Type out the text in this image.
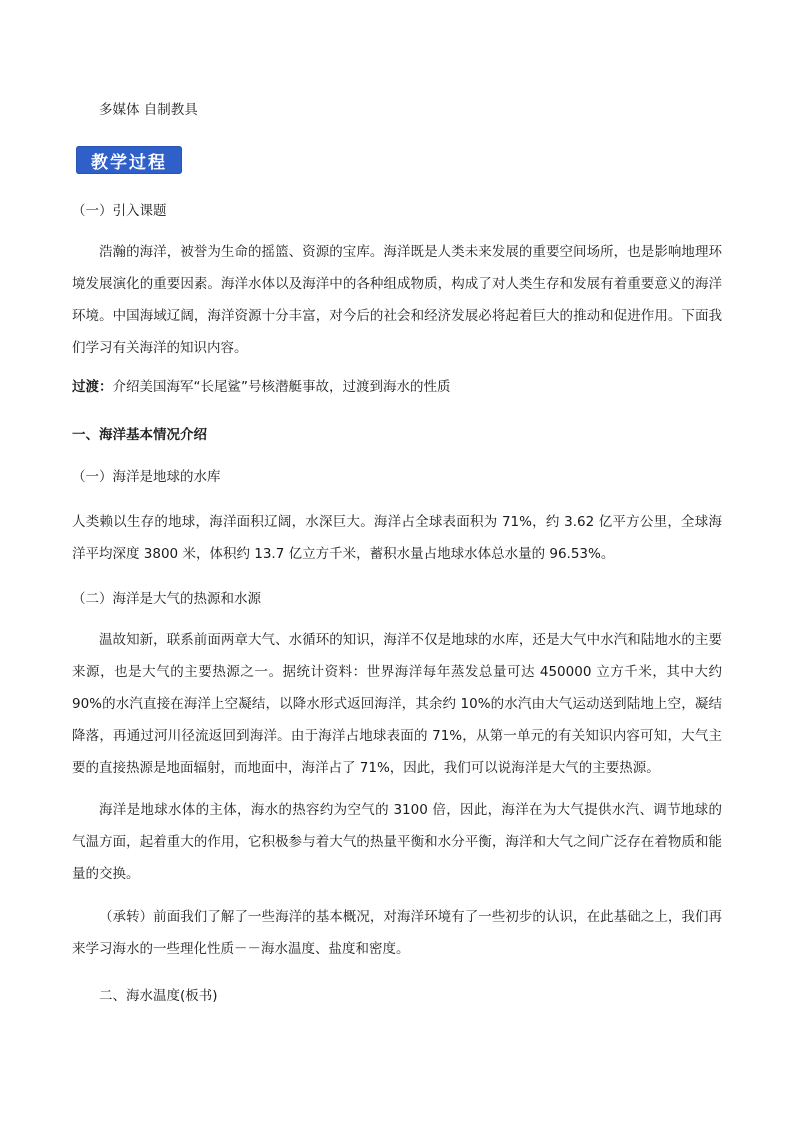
多媒体 自制教具

教学过程

（一）引入课题

浩瀚的海洋，被誉为生命的摇篮、资源的宝库。海洋既是人类未来发展的重要空间场所，也是影响地理环境发展演化的重要因素。海洋水体以及海洋中的各种组成物质，构成了对人类生存和发展有着重要意义的海洋环境。中国海域辽阔，海洋资源十分丰富，对今后的社会和经济发展必将起着巨大的推动和促进作用。下面我们学习有关海洋的知识内容。

过渡：介绍美国海军“长尾鲨”号核潜艇事故，过渡到海水的性质

一、海洋基本情况介绍

（一）海洋是地球的水库

人类赖以生存的地球，海洋面积辽阔，水深巨大。海洋占全球表面积为 71%，约 3.62 亿平方公里，全球海洋平均深度 3800 米，体积约 13.7 亿立方千米，蓄积水量占地球水体总水量的 96.53%。

（二）海洋是大气的热源和水源

温故知新，联系前面两章大气、水循环的知识，海洋不仅是地球的水库，还是大气中水汽和陆地水的主要来源，也是大气的主要热源之一。据统计资料：世界海洋每年蒸发总量可达 450000 立方千米，其中大约 90%的水汽直接在海洋上空凝结，以降水形式返回海洋，其余约 10%的水汽由大气运动送到陆地上空，凝结降落，再通过河川径流返回到海洋。由于海洋占地球表面的 71%，从第一单元的有关知识内容可知，大气主要的直接热源是地面辐射，而地面中，海洋占了 71%，因此，我们可以说海洋是大气的主要热源。

海洋是地球水体的主体，海水的热容约为空气的 3100 倍，因此，海洋在为大气提供水汽、调节地球的气温方面，起着重大的作用，它积极参与着大气的热量平衡和水分平衡，海洋和大气之间广泛存在着物质和能量的交换。

（承转）前面我们了解了一些海洋的基本概况，对海洋环境有了一些初步的认识，在此基础之上，我们再来学习海水的一些理化性质－－海水温度、盐度和密度。

二、海水温度(板书)
